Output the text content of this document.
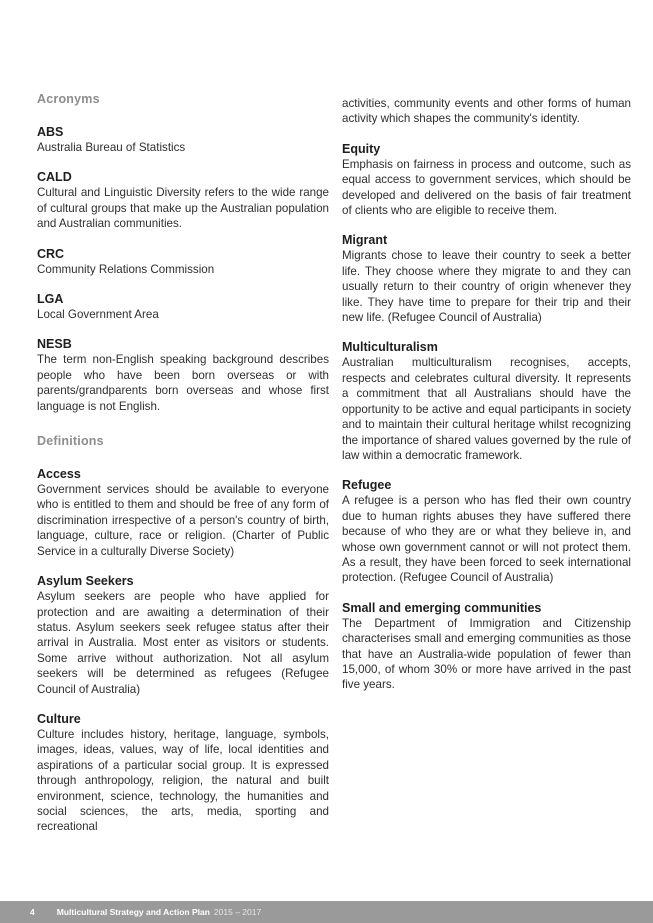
Acronyms

ABS

Australia Bureau of Statistics

CALD

Cultural and Linguistic Diversity refers to the wide range of cultural groups that make up the Australian population and Australian communities.

CRC

Community Relations Commission

LGA

Local Government Area

NESB

The term non-English speaking background describes people who have been born overseas or with parents/grandparents born overseas and whose first language is not English.

Definitions

Access

Government services should be available to everyone who is entitled to them and should be free of any form of discrimination irrespective of a person's country of birth, language, culture, race or religion. (Charter of Public Service in a culturally Diverse Society)

Asylum Seekers

Asylum seekers are people who have applied for protection and are awaiting a determination of their status. Asylum seekers seek refugee status after their arrival in Australia. Most enter as visitors or students. Some arrive without authorization. Not all asylum seekers will be determined as refugees (Refugee Council of Australia)

Culture

Culture includes history, heritage, language, symbols, images, ideas, values, way of life, local identities and aspirations of a particular social group. It is expressed through anthropology, religion, the natural and built environment, science, technology, the humanities and social sciences, the arts, media, sporting and recreational

activities, community events and other forms of human activity which shapes the community's identity.

Equity

Emphasis on fairness in process and outcome, such as equal access to government services, which should be developed and delivered on the basis of fair treatment of clients who are eligible to receive them.

Migrant

Migrants chose to leave their country to seek a better life. They choose where they migrate to and they can usually return to their country of origin whenever they like. They have time to prepare for their trip and their new life. (Refugee Council of Australia)

Multiculturalism

Australian multiculturalism recognises, accepts, respects and celebrates cultural diversity. It represents a commitment that all Australians should have the opportunity to be active and equal participants in society and to maintain their cultural heritage whilst recognizing the importance of shared values governed by the rule of law within a democratic framework.

Refugee

A refugee is a person who has fled their own country due to human rights abuses they have suffered there because of who they are or what they believe in, and whose own government cannot or will not protect them. As a result, they have been forced to seek international protection. (Refugee Council of Australia)

Small and emerging communities

The Department of Immigration and Citizenship characterises small and emerging communities as those that have an Australia-wide population of fewer than 15,000, of whom 30% or more have arrived in the past five years.

4	Multicultural Strategy and Action Plan 2015 – 2017
